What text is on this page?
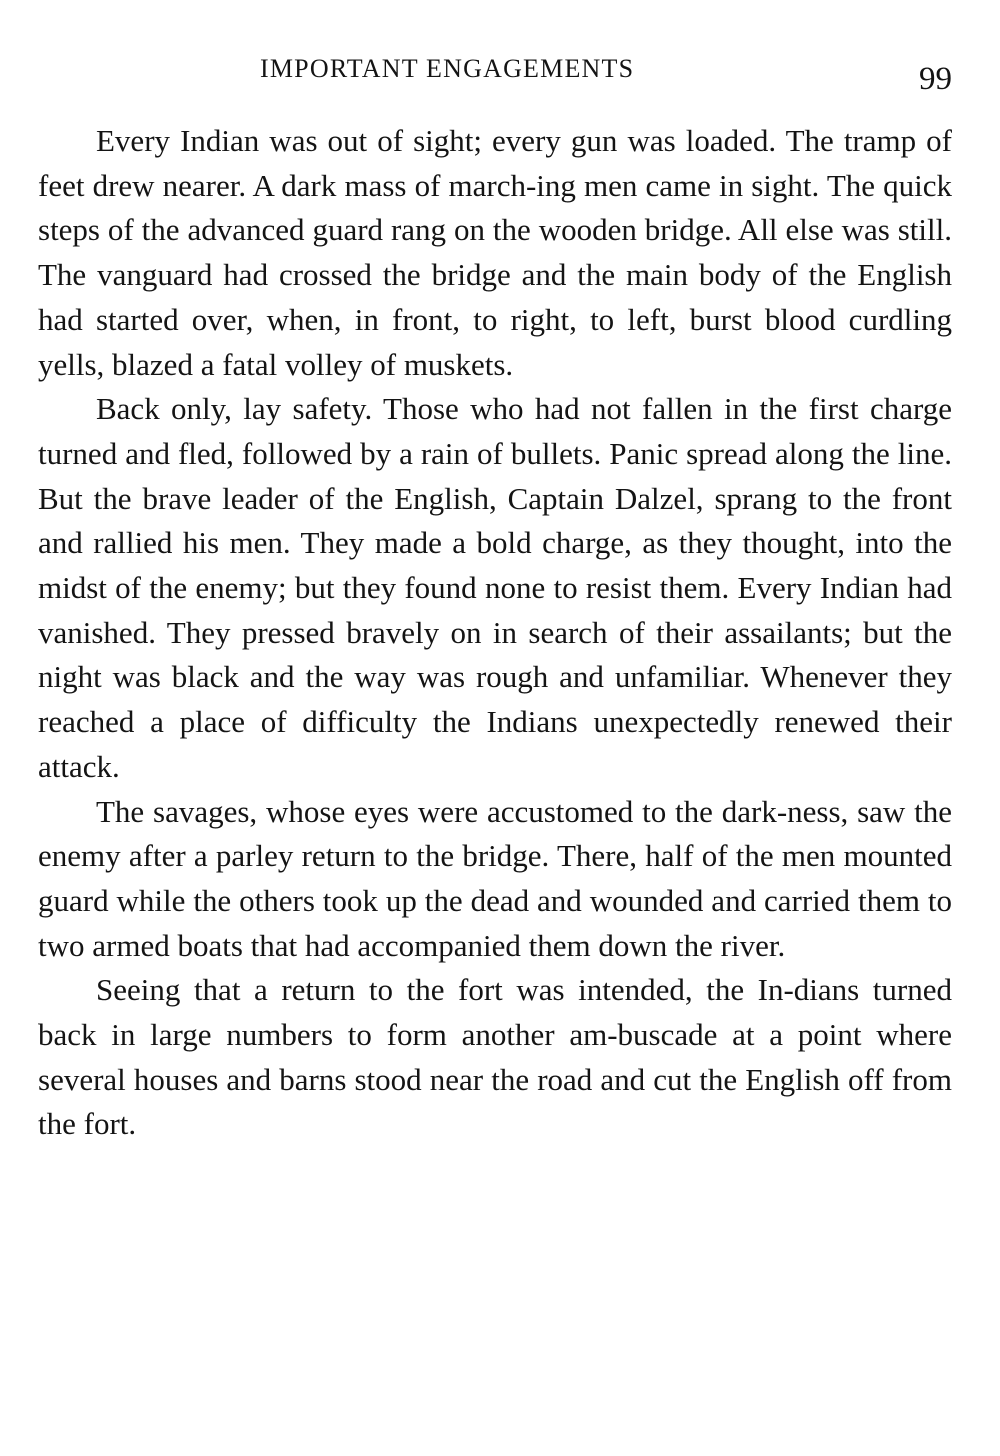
IMPORTANT ENGAGEMENTS	99

Every Indian was out of sight; every gun was loaded. The tramp of feet drew nearer. A dark mass of march-ing men came in sight. The quick steps of the advanced guard rang on the wooden bridge. All else was still. The vanguard had crossed the bridge and the main body of the English had started over, when, in front, to right, to left, burst blood curdling yells, blazed a fatal volley of muskets.

Back only, lay safety. Those who had not fallen in the first charge turned and fled, followed by a rain of bullets. Panic spread along the line. But the brave leader of the English, Captain Dalzel, sprang to the front and rallied his men. They made a bold charge, as they thought, into the midst of the enemy; but they found none to resist them. Every Indian had vanished. They pressed bravely on in search of their assailants; but the night was black and the way was rough and unfamiliar. Whenever they reached a place of difficulty the Indians unexpectedly renewed their attack.

The savages, whose eyes were accustomed to the dark-ness, saw the enemy after a parley return to the bridge. There, half of the men mounted guard while the others took up the dead and wounded and carried them to two armed boats that had accompanied them down the river.

Seeing that a return to the fort was intended, the In-dians turned back in large numbers to form another am-buscade at a point where several houses and barns stood near the road and cut the English off from the fort.
